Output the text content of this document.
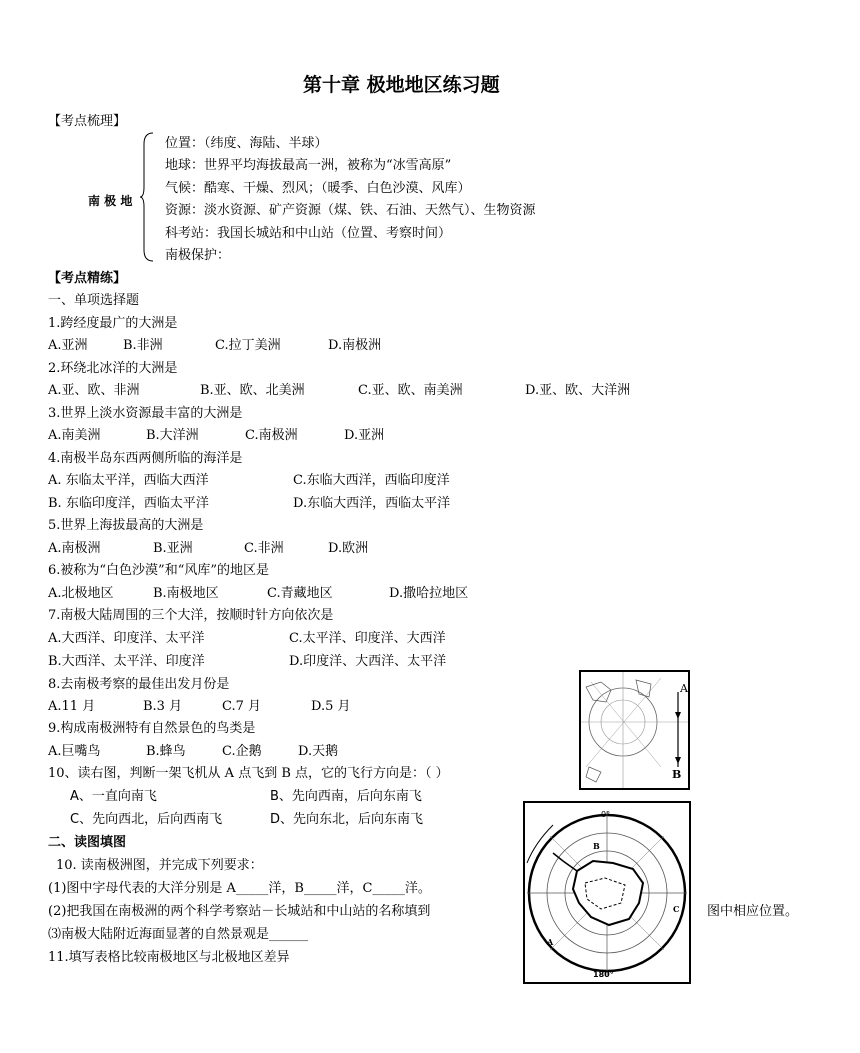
第十章 极地地区练习题
【考点梳理】
南 极 地
位置：（纬度、海陆、半球）
地球：世界平均海拔最高一洲，被称为“冰雪高原”
气候：酷寒、干燥、烈风；（暖季、白色沙漠、风库）
资源：淡水资源、矿产资源（煤、铁、石油、天然气）、生物资源
科考站：我国长城站和中山站（位置、考察时间）
南极保护：
【考点精练】
一、单项选择题
1.跨经度最广的大洲是
A.亚洲	B.非洲	C.拉丁美洲	D.南极洲
2.环绕北冰洋的大洲是
A.亚、欧、非洲	B.亚、欧、北美洲	C.亚、欧、南美洲	D.亚、欧、大洋洲
3.世界上淡水资源最丰富的大洲是
A.南美洲	B.大洋洲	C.南极洲	D.亚洲
4.南极半岛东西两侧所临的海洋是
A. 东临太平洋，西临大西洋	C.东临大西洋，西临印度洋
B. 东临印度洋，西临太平洋	D.东临大西洋，西临太平洋
5.世界上海拔最高的大洲是
A.南极洲	B.亚洲	C.非洲	D.欧洲
6.被称为“白色沙漠”和“风库”的地区是
A.北极地区	B.南极地区	C.青藏地区	D.撒哈拉地区
7.南极大陆周围的三个大洋，按顺时针方向依次是
A.大西洋、印度洋、太平洋	C.太平洋、印度洋、大西洋
B.大西洋、太平洋、印度洋	D.印度洋、大西洋、太平洋
8.去南极考察的最佳出发月份是
A.11 月	B.3 月	C.7 月	D.5 月
9.构成南极洲特有自然景色的鸟类是
A.巨嘴鸟	B.蜂鸟	C.企鹅	D.天鹅
10、读右图，判断一架飞机从 A 点飞到 B 点，它的飞行方向是：（ ）
A、一直向南飞	B、先向西南，后向东南飞
C、先向西北，后向西南飞	D、先向东北，后向东南飞
二、读图填图
10. 读南极洲图，并完成下列要求：
(1)图中字母代表的大洋分别是 A_____洋，B_____洋，C_____洋。
(2)把我国在南极洲的两个科学考察站－长城站和中山站的名称填到	图中相应位置。
⑶南极大陆附近海面显著的自然景观是______
11.填写表格比较南极地区与北极地区差异
A
B
0°
180°
A
B
C
